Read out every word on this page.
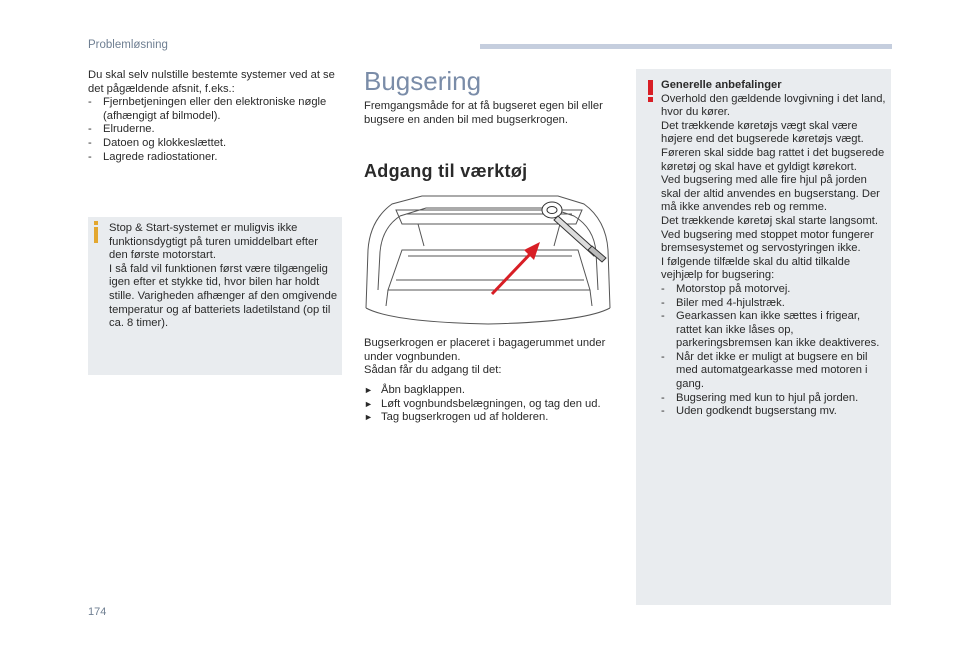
Problemløsning
Du skal selv nulstille bestemte systemer ved at se det pågældende afsnit, f.eks.:
- Fjernbetjeningen eller den elektroniske nøgle (afhængigt af bilmodel).
- Elruderne.
- Datoen og klokkeslættet.
- Lagrede radiostationer.
Stop & Start-systemet er muligvis ikke funktionsdygtigt på turen umiddelbart efter den første motorstart.
I så fald vil funktionen først være tilgængelig igen efter et stykke tid, hvor bilen har holdt stille. Varigheden afhænger af den omgivende temperatur og af batteriets ladetilstand (op til ca. 8 timer).
Bugsering
Fremgangsmåde for at få bugseret egen bil eller bugsere en anden bil med bugserkrogen.
Adgang til værktøj
Bugserkrogen er placeret i bagagerummet under under vognbunden.
Sådan får du adgang til det:
► Åbn bagklappen.
► Løft vognbundsbelægningen, og tag den ud.
► Tag bugserkrogen ud af holderen.
Generelle anbefalinger
Overhold den gældende lovgivning i det land, hvor du kører.
Det trækkende køretøjs vægt skal være højere end det bugserede køretøjs vægt.
Føreren skal sidde bag rattet i det bugserede køretøj og skal have et gyldigt kørekort.
Ved bugsering med alle fire hjul på jorden skal der altid anvendes en bugserstang. Der må ikke anvendes reb og remme.
Det trækkende køretøj skal starte langsomt.
Ved bugsering med stoppet motor fungerer bremsesystemet og servostyringen ikke.
I følgende tilfælde skal du altid tilkalde vejhjælp for bugsering:
- Motorstop på motorvej.
- Biler med 4-hjulstræk.
- Gearkassen kan ikke sættes i frigear, rattet kan ikke låses op, parkeringsbremsen kan ikke deaktiveres.
- Når det ikke er muligt at bugsere en bil med automatgearkasse med motoren i gang.
- Bugsering med kun to hjul på jorden.
- Uden godkendt bugserstang mv.
174
